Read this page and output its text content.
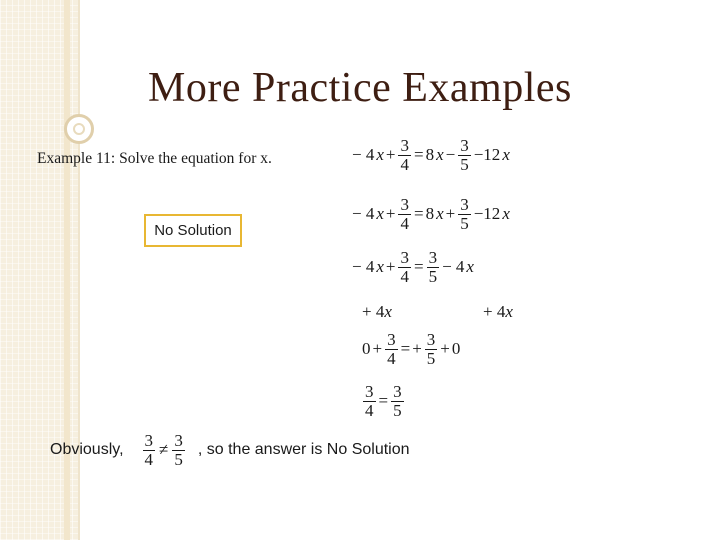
More Practice Examples
Example 11: Solve the equation for x.
No Solution
− 4 $x + \frac{3}{4} = 8$ $x - \frac{3}{5} -12$ x
− 4 $x + \frac{3}{4} = 8$ $x + \frac{3}{5} -12$ x
− 4 $x + \frac{3}{4} = \frac{3}{5} - 4$ x
+ 4x	+ 4x
$0 + \frac{3}{4}$ = + $\frac{3}{5} + 0$
$\frac{3}{4} = \frac{3}{5}$
Obviously, $\frac{3}{4} \ne \frac{3}{5}$ , so the answer is No Solution
